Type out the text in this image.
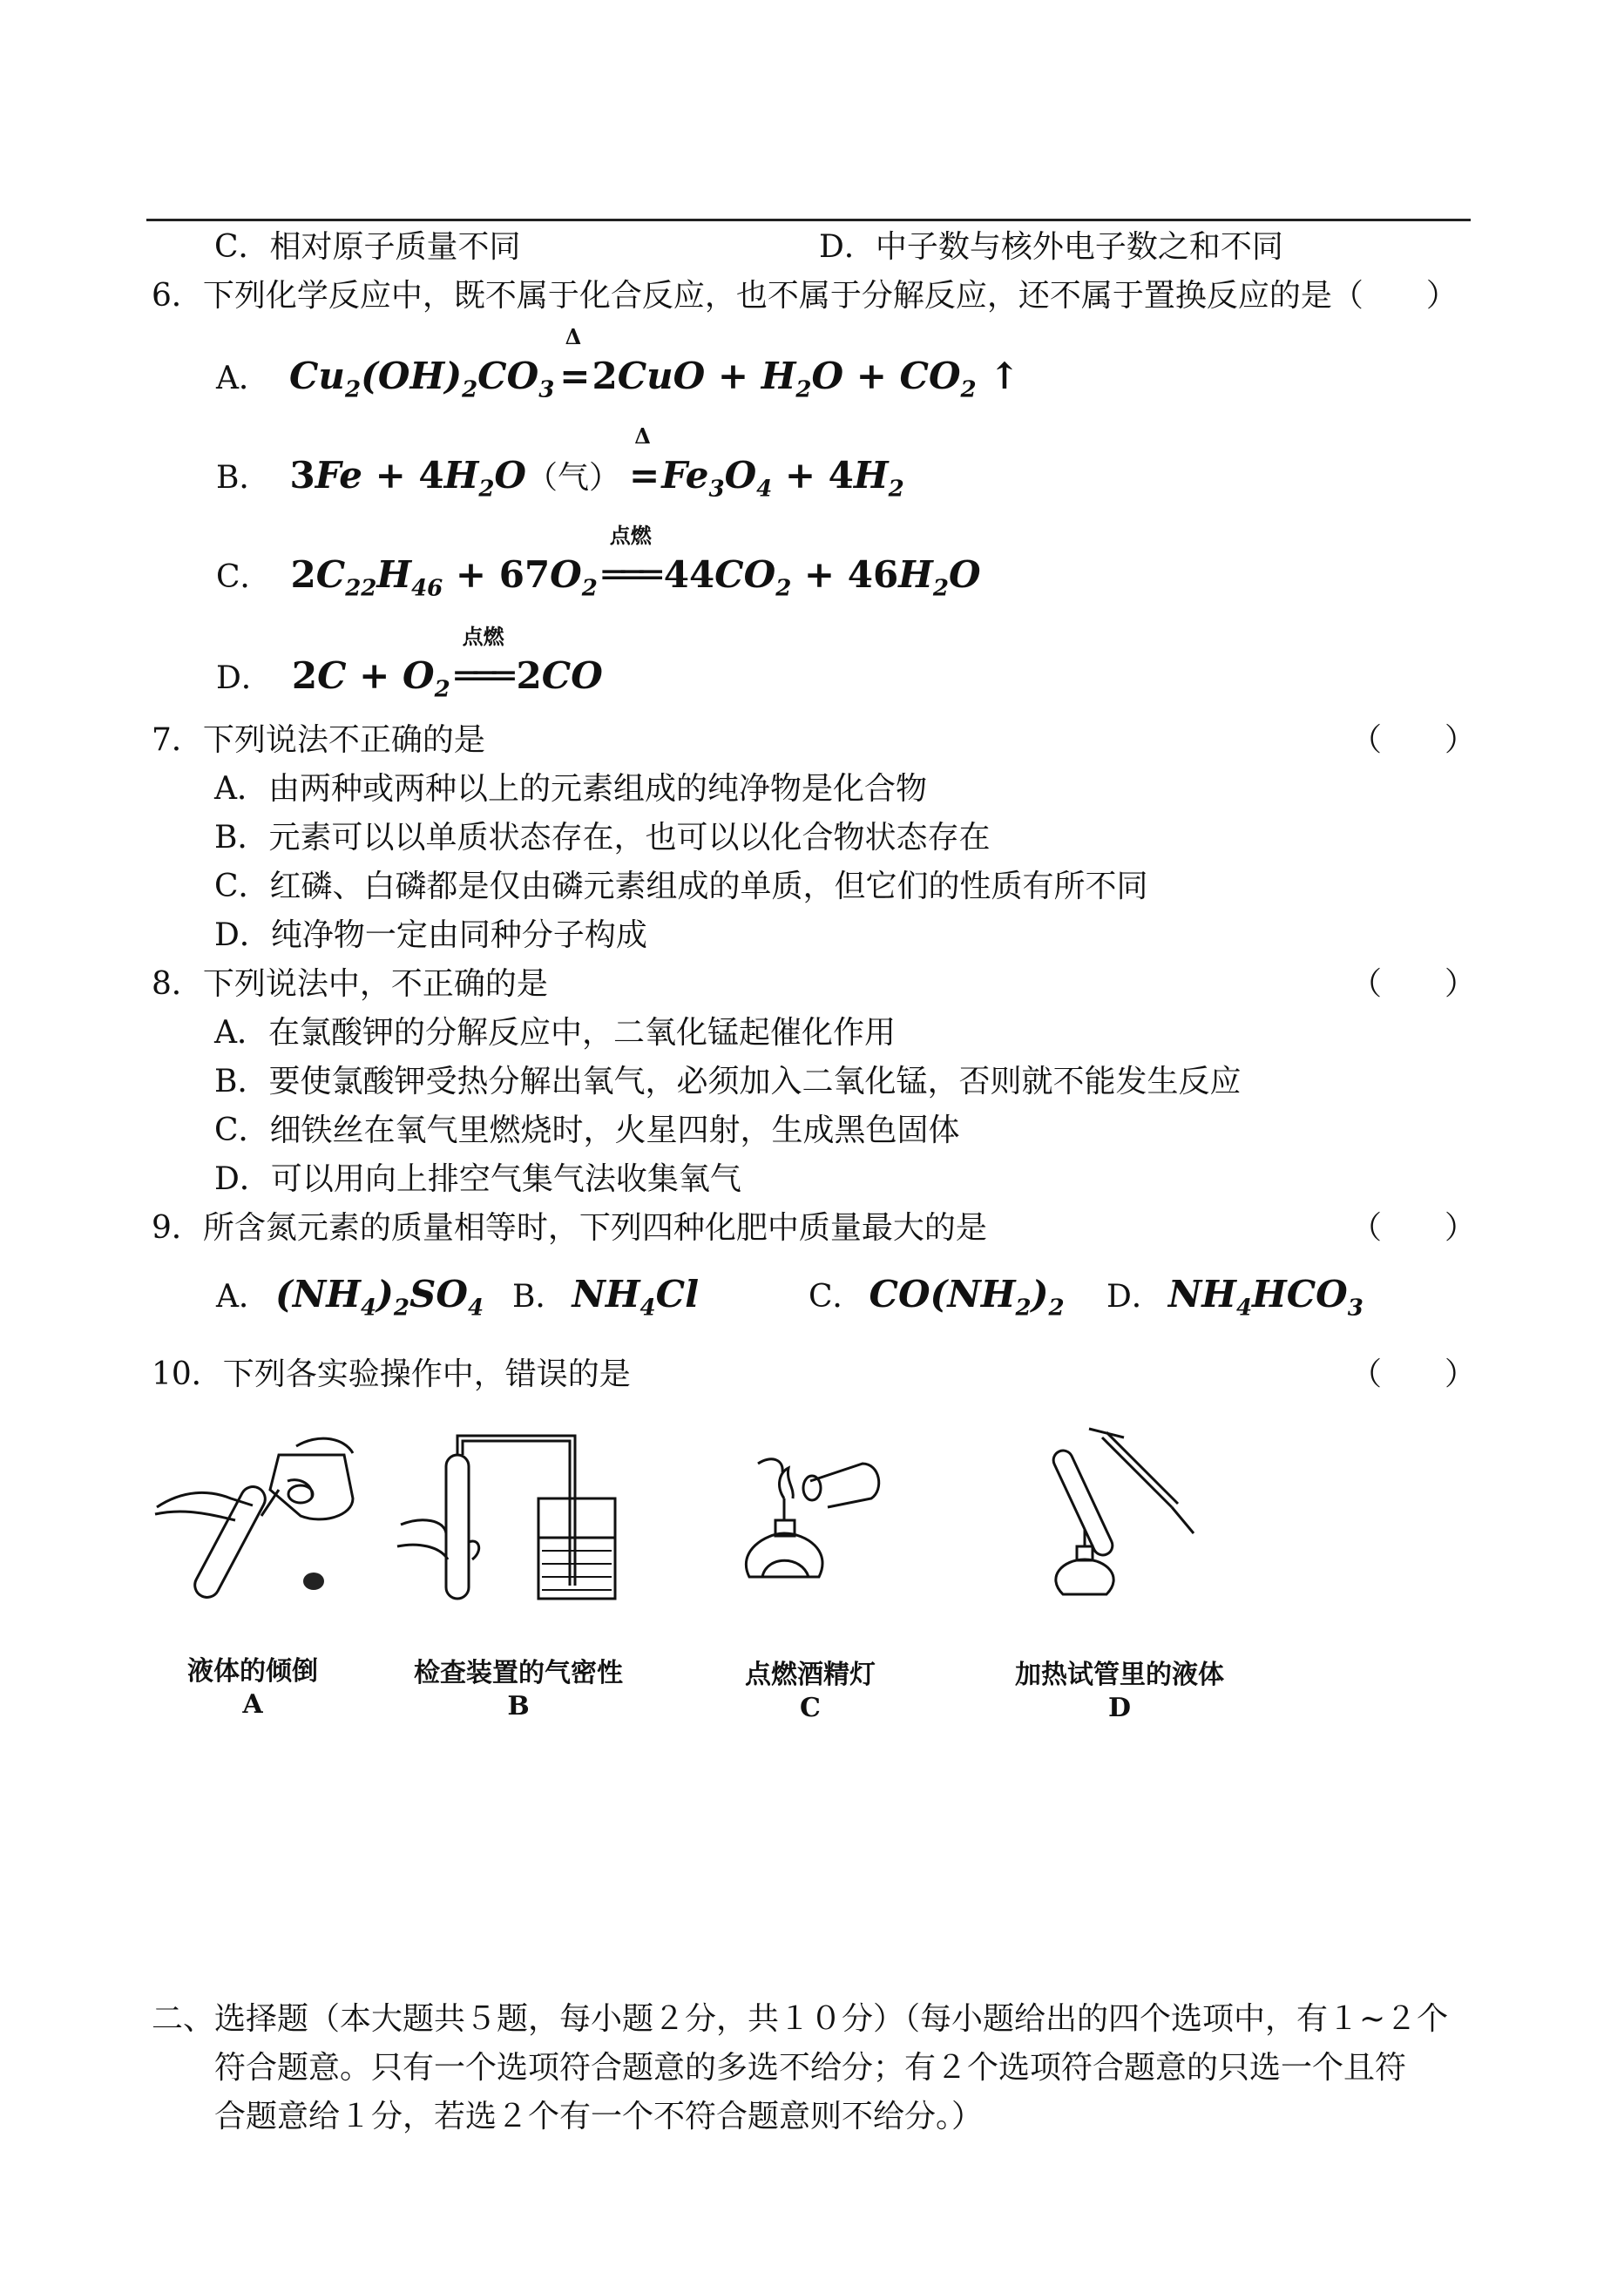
C．相对原子质量不同	D．中子数与核外电子数之和不同
6．下列化学反应中，既不属于化合反应，也不属于分解反应，还不属于置换反应的是（　　）
A． $Cu_2(OH)_2CO_3$
Δ
= $2CuO + H_2O + CO_2$ ↑
B． $3Fe + 4H_2O$（气）
Δ
= $Fe_3O_4 + 4H_2$
C． $2C_{22}H_{46} + 67O_2$
点燃
═══ $44CO_2 + 46H_2O$
D． $2C + O_2$
点燃
═══ 2CO
7．下列说法不正确的是	（　　）
A．由两种或两种以上的元素组成的纯净物是化合物
B．元素可以以单质状态存在，也可以以化合物状态存在
C．红磷、白磷都是仅由磷元素组成的单质，但它们的性质有所不同
D．纯净物一定由同种分子构成
8．下列说法中，不正确的是	（　　）
A．在氯酸钾的分解反应中，二氧化锰起催化作用
B．要使氯酸钾受热分解出氧气，必须加入二氧化锰，否则就不能发生反应
C．细铁丝在氧气里燃烧时，火星四射，生成黑色固体
D．可以用向上排空气集气法收集氧气
9．所含氮元素的质量相等时，下列四种化肥中质量最大的是	（　　）
A． $(NH_4)_2SO_4$ B． $NH_4Cl$	C． $CO(NH_2)_2$ D． $NH_4HCO_3$
10．下列各实验操作中，错误的是	（　　）
液体的倾倒
A
检查装置的气密性
B
点燃酒精灯
C
加热试管里的液体
D
二、选择题（本大题共５题，每小题２分，共１０分）（每小题给出的四个选项中，有１~２个
符合题意。只有一个选项符合题意的多选不给分；有２个选项符合题意的只选一个且符
合题意给１分，若选２个有一个不符合题意则不给分。）
